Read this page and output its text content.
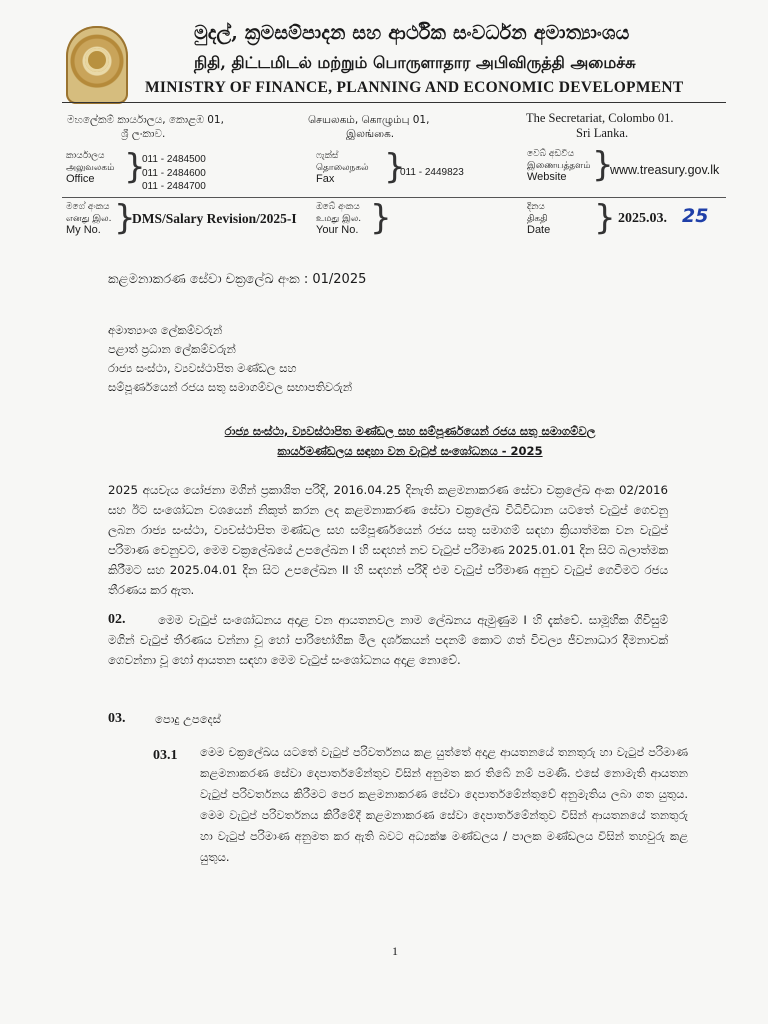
මුදල්, ක්‍රමසම්පාදන සහ ආර්ථික සංවර්ධන අමාත්‍යාංශය
நிதி, திட்டமிடல் மற்றும் பொருளாதார அபிவிருத்தி அமைச்சு
MINISTRY OF FINANCE, PLANNING AND ECONOMIC DEVELOPMENT
මහලේකම් කාර්යාලය, කොළඹ 01,
ශ්‍රී ලංකාව.
செயலகம், கொழும்பு 01,
இலங்கை.
The Secretariat, Colombo 01.
Sri Lanka.
කාර්යාලය
அலுவலகம்
Office }
011 - 2484500
011 - 2484600
011 - 2484700
ෆැක්ස්
தொலைநகல்
Fax	}
011 - 2449823
වෙබ් අඩවිය
இணையத்தளம்
Website }
www.treasury.gov.lk
මගේ අංකය
எனது இல.
My No. }
DMS/Salary Revision/2025-I
ඔබේ අංකය
உமது இல.
Your No. }	දිනය
திகதி
Date } 2025.03. 25
කළමනාකරණ සේවා චක්‍රලේඛ අංක : 01/2025
අමාත්‍යාංශ ලේකම්වරුන්
පළාත් ප්‍රධාන ලේකම්වරුන්
රාජ්‍ය සංස්ථා, ව්‍යවස්ථාපිත මණ්ඩල සහ
සම්පූර්ණයෙන් රජය සතු සමාගම්වල සභාපතිවරුන්
රාජ්‍ය සංස්ථා, ව්‍යවස්ථාපිත මණ්ඩල සහ සම්පූර්ණයෙන් රජය සතු සමාගම්වල
කාර්යමණ්ඩලය සඳහා වන වැටුප් සංශෝධනය - 2025
2025 අයවැය යෝජනා මගින් ප්‍රකාශිත පරිදි, 2016.04.25 දිනැති කළමනාකරණ සේවා චක්‍රලේඛ අංක 02/2016 සහ ඊට සංශෝධන වශයෙන් නිකුත් කරන ලද කළමනාකරණ සේවා චක්‍රලේඛ විධිවිධාන යටතේ වැටුප් ගෙවනු ලබන රාජ්‍ය සංස්ථා, ව්‍යවස්ථාපිත මණ්ඩල සහ සම්පූර්ණයෙන් රජය සතු සමාගම් සඳහා ක්‍රියාත්මක වන වැටුප් පරිමාණ වෙනුවට, මෙම චක්‍රලේඛයේ උපලේඛන I හි සඳහන් නව වැටුප් පරිමාණ 2025.01.01 දින සිට බලාත්මක කිරීමට සහ 2025.04.01 දින සිට උපලේඛන II හි සඳහන් පරිදි එම වැටුප් පරිමාණ අනුව වැටුප් ගෙවීමට රජය තීරණය කර ඇත.
02.	මෙම වැටුප් සංශෝධනය අදාළ වන ආයතනවල නාම ලේඛනය ඇමුණුම I හි දැක්වේ. සාමූහික ගිවිසුම් මගින් වැටුප් තීරණය වන්නා වූ හෝ පාරිභෝගික මිල දර්ශකයන් පදනම් කොට ගත් විචල්‍ය ජීවනාධාර දීමනාවක් ගෙවන්නා වූ හෝ ආයතන සඳහා මෙම වැටුප් සංශෝධනය අදාළ නොවේ.
03.	පොදු උපදෙස්
03.1 මෙම චක්‍රලේඛය යටතේ වැටුප් පරිවර්තනය කළ යුත්තේ අදාළ ආයතනයේ තනතුරු හා වැටුප් පරිමාණ කළමනාකරණ සේවා දෙපාර්තමේන්තුව විසින් අනුමත කර තිබේ නම් පමණි. එසේ නොමැති ආයතන වැටුප් පරිවර්තනය කිරීමට පෙර කළමනාකරණ සේවා දෙපාර්තමේන්තුවේ අනුමැතිය ලබා ගත යුතුය. මෙම වැටුප් පරිවර්තනය කිරීමේදී කළමනාකරණ සේවා දෙපාර්තමේන්තුව විසින් ආයතනයේ තනතුරු හා වැටුප් පරිමාණ අනුමත කර ඇති බවට අධ්‍යක්ෂ මණ්ඩලය / පාලක මණ්ඩලය විසින් තහවුරු කළ යුතුය.
1
